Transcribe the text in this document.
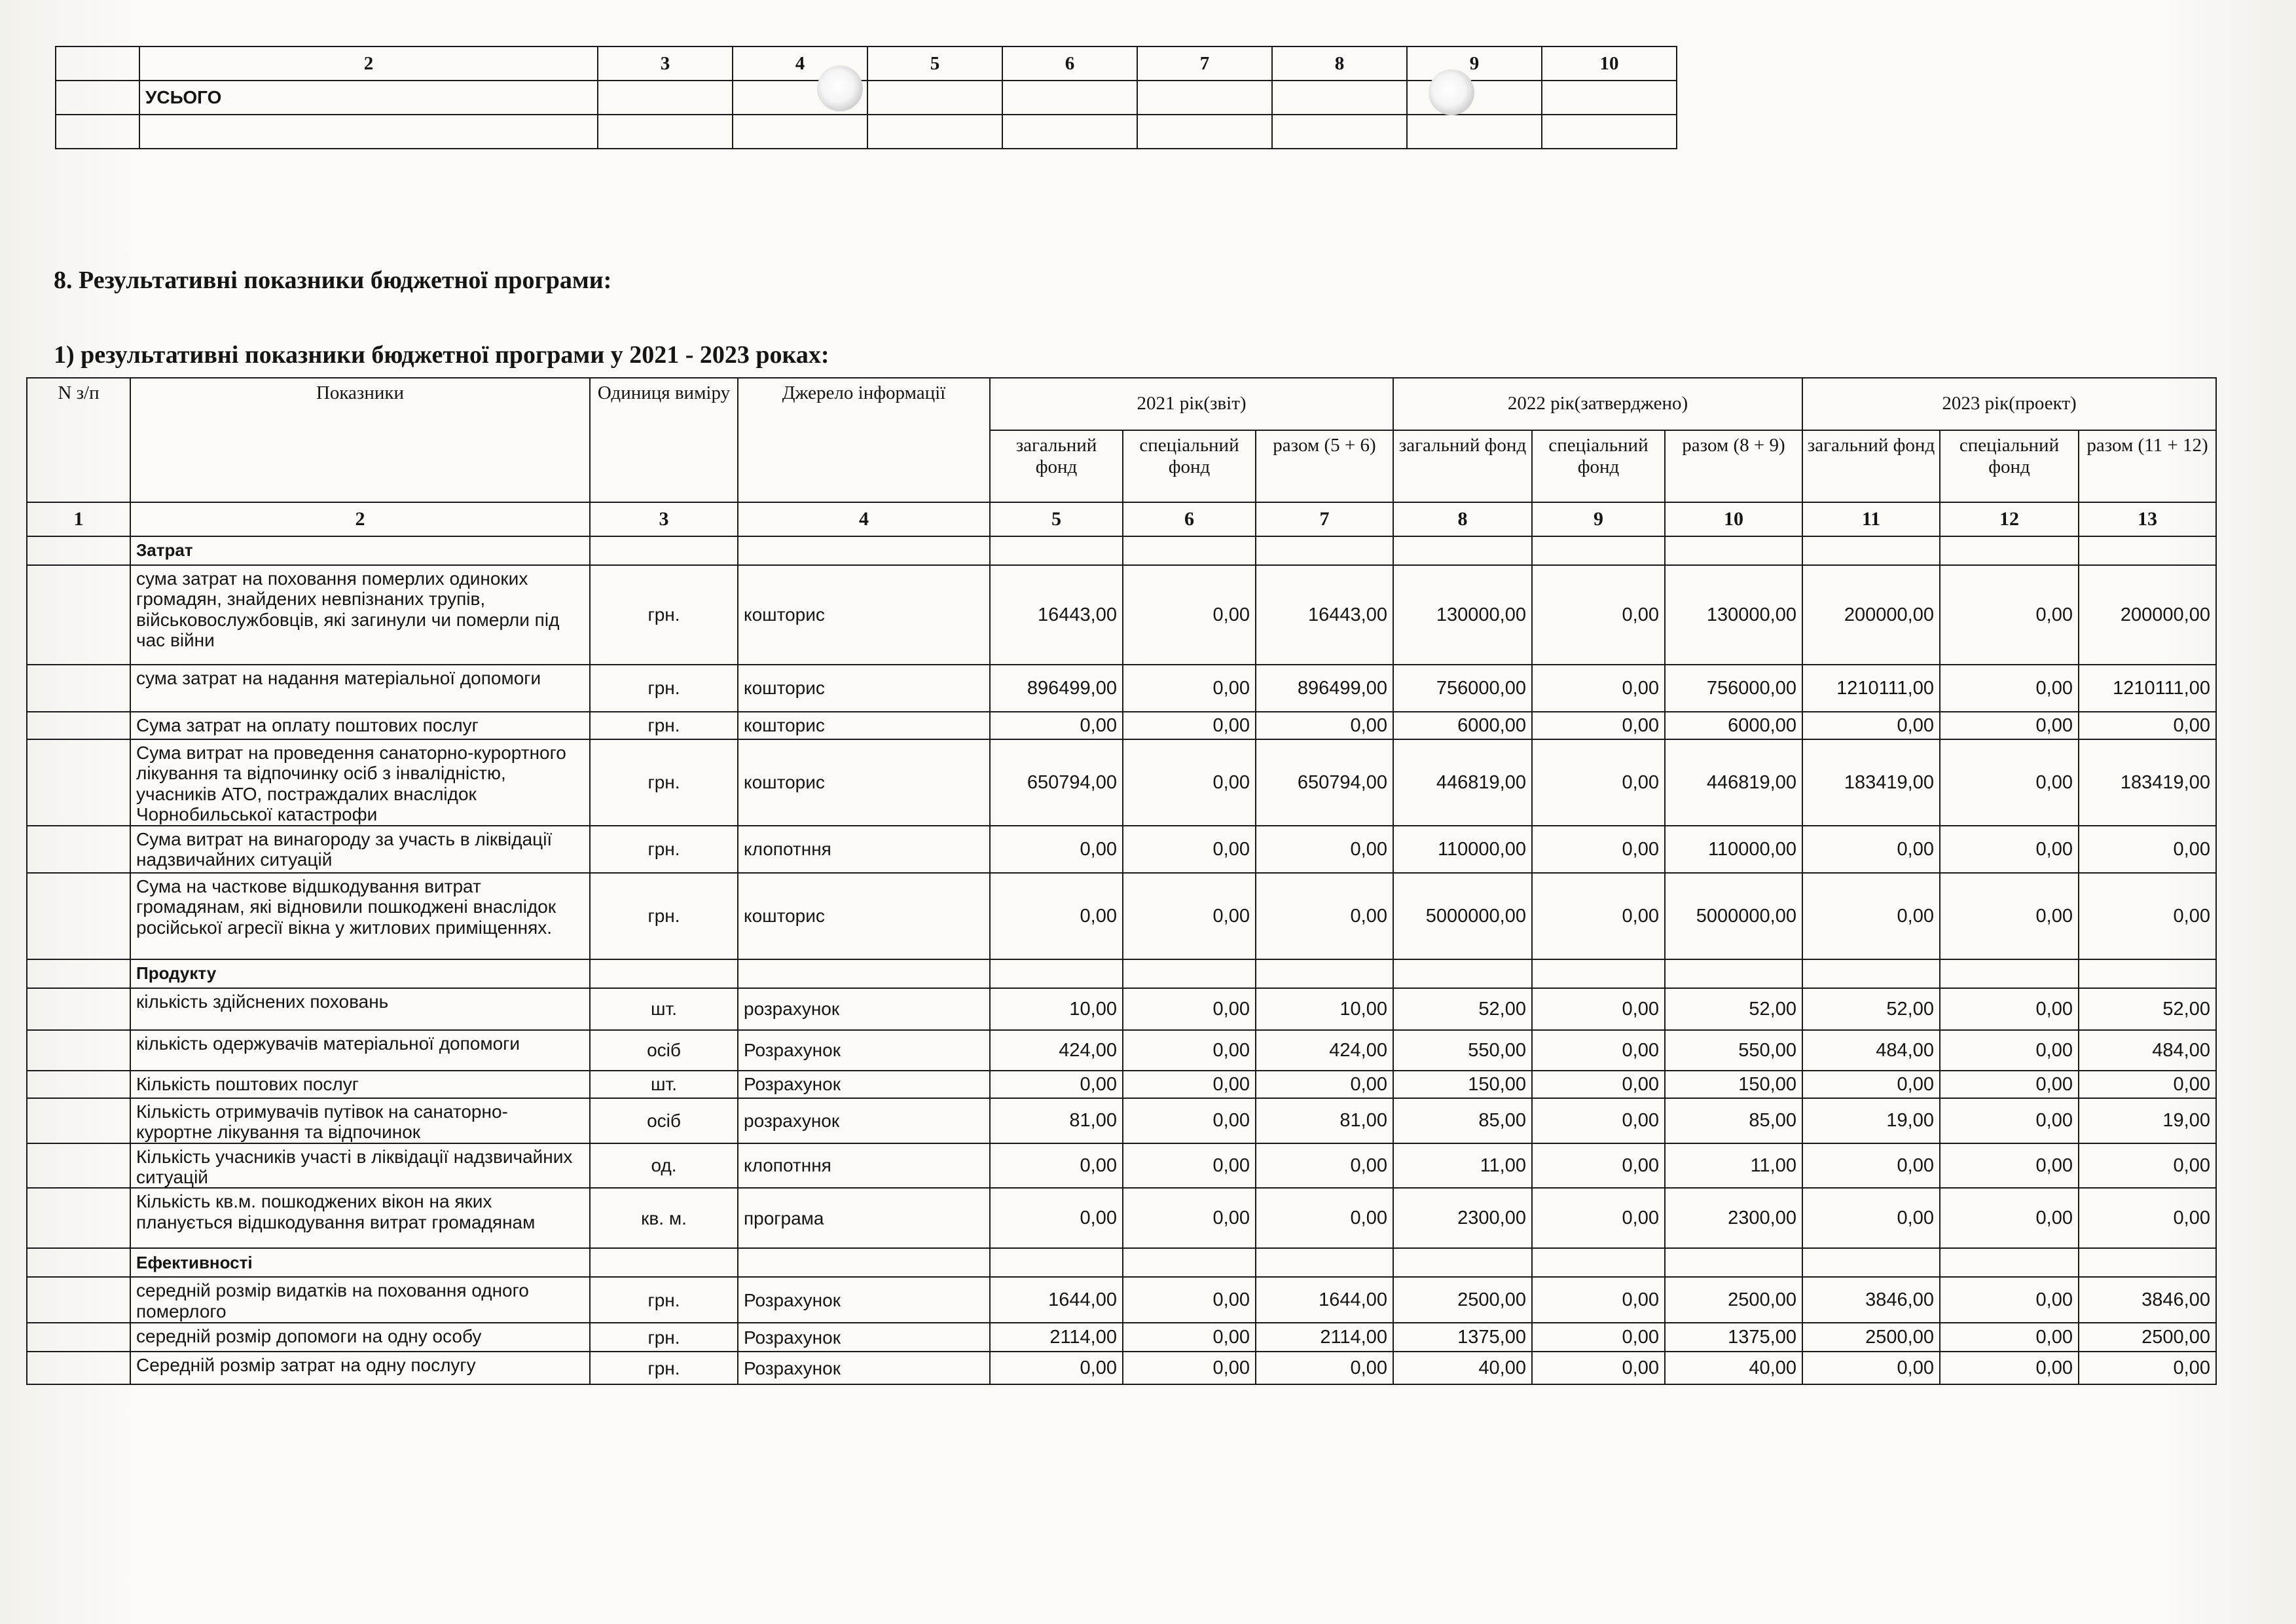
	2	3	4	5	6	7	8	9	10
	УСЬОГО								

8. Результативні показники бюджетної програми:
1) результативні показники бюджетної програми у 2021 - 2023 роках:
N з/п	Показники	Одиниця виміру	Джерело інформації	2021 рік(звіт)			2022 рік(затверджено)			2023 рік(проект)		
				загальний фонд	спеціальний фонд	разом (5 + 6)	загальний фонд	спеціальний фонд	разом (8 + 9)	загальний фонд	спеціальний фонд	разом (11 + 12)
1	2	3	4	5	6	7	8	9	10	11	12	13
	Затрат											
	сума затрат на поховання померлих одиноких громадян, знайдених невпізнаних трупів, військовослужбовців, які загинули чи померли під час війни	грн.	кошторис	16443,00	0,00	16443,00	130000,00	0,00	130000,00	200000,00	0,00	200000,00
	сума затрат на надання матеріальної допомоги	грн.	кошторис	896499,00	0,00	896499,00	756000,00	0,00	756000,00	1210111,00	0,00	1210111,00
	Сума затрат на оплату поштових послуг	грн.	кошторис	0,00	0,00	0,00	6000,00	0,00	6000,00	0,00	0,00	0,00
	Сума витрат на проведення санаторно-курортного лікування та відпочинку осіб з інвалідністю, учасників АТО, постраждалих внаслідок Чорнобильської катастрофи	грн.	кошторис	650794,00	0,00	650794,00	446819,00	0,00	446819,00	183419,00	0,00	183419,00
	Сума витрат на винагороду за участь в ліквідації надзвичайних ситуацій	грн.	клопотння	0,00	0,00	0,00	110000,00	0,00	110000,00	0,00	0,00	0,00
	Сума на часткове відшкодування витрат громадянам, які відновили пошкоджені внаслідок російської агресії вікна у житлових приміщеннях.	грн.	кошторис	0,00	0,00	0,00	5000000,00	0,00	5000000,00	0,00	0,00	0,00
	Продукту											
	кількість здійснених поховань	шт.	розрахунок	10,00	0,00	10,00	52,00	0,00	52,00	52,00	0,00	52,00
	кількість одержувачів матеріальної допомоги	осіб	Розрахунок	424,00	0,00	424,00	550,00	0,00	550,00	484,00	0,00	484,00
	Кількість поштових послуг	шт.	Розрахунок	0,00	0,00	0,00	150,00	0,00	150,00	0,00	0,00	0,00
	Кількість отримувачів путівок на санаторно-курортне лікування та відпочинок	осіб	розрахунок	81,00	0,00	81,00	85,00	0,00	85,00	19,00	0,00	19,00
	Кількість учасників участі в ліквідації надзвичайних ситуацій	од.	клопотння	0,00	0,00	0,00	11,00	0,00	11,00	0,00	0,00	0,00
	Кількість кв.м. пошкоджених вікон на яких планується відшкодування витрат громадянам	кв. м.	програма	0,00	0,00	0,00	2300,00	0,00	2300,00	0,00	0,00	0,00
	Ефективності											
	середній розмір видатків на поховання одного померлого	грн.	Розрахунок	1644,00	0,00	1644,00	2500,00	0,00	2500,00	3846,00	0,00	3846,00
	середній розмір допомоги на одну особу	грн.	Розрахунок	2114,00	0,00	2114,00	1375,00	0,00	1375,00	2500,00	0,00	2500,00
	Середній розмір затрат на одну послугу	грн.	Розрахунок	0,00	0,00	0,00	40,00	0,00	40,00	0,00	0,00	0,00
